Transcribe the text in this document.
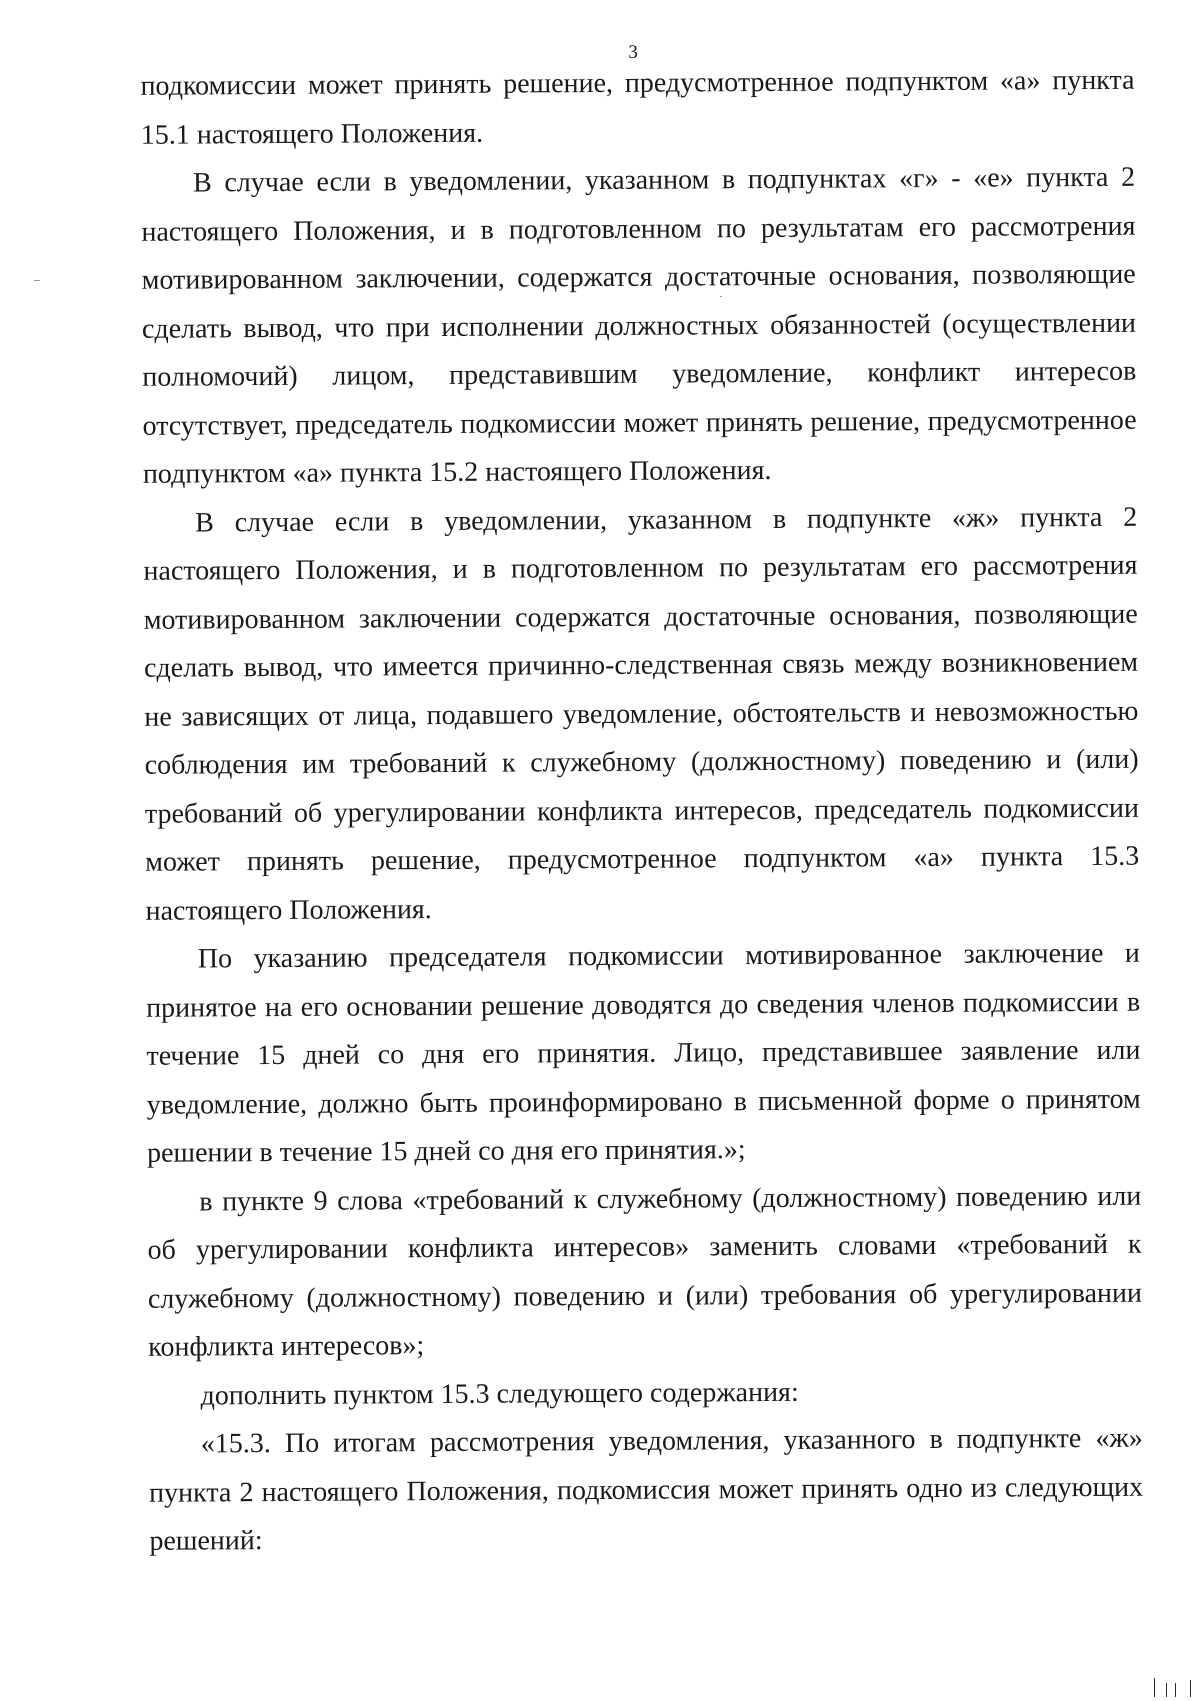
3

подкомиссии может принять решение, предусмотренное подпунктом «а» пункта 15.1 настоящего Положения.

В случае если в уведомлении, указанном в подпунктах «г» - «е» пункта 2 настоящего Положения, и в подготовленном по результатам его рассмотрения мотивированном заключении, содержатся достаточные основания, позволяющие сделать вывод, что при исполнении должностных обязанностей (осуществлении полномочий) лицом, представившим уведомление, конфликт интересов отсутствует, председатель подкомиссии может принять решение, предусмотренное подпунктом «а» пункта 15.2 настоящего Положения.

В случае если в уведомлении, указанном в подпункте «ж» пункта 2 настоящего Положения, и в подготовленном по результатам его рассмотрения мотивированном заключении содержатся достаточные основания, позволяющие сделать вывод, что имеется причинно-следственная связь между возникновением не зависящих от лица, подавшего уведомление, обстоятельств и невозможностью соблюдения им требований к служебному (должностному) поведению и (или) требований об урегулировании конфликта интересов, председатель подкомиссии может принять решение, предусмотренное подпунктом «а» пункта 15.3 настоящего Положения.

По указанию председателя подкомиссии мотивированное заключение и принятое на его основании решение доводятся до сведения членов подкомиссии в течение 15 дней со дня его принятия. Лицо, представившее заявление или уведомление, должно быть проинформировано в письменной форме о принятом решении в течение 15 дней со дня его принятия.»;

в пункте 9 слова «требований к служебному (должностному) поведению или об урегулировании конфликта интересов» заменить словами «требований к служебному (должностному) поведению и (или) требования об урегулировании конфликта интересов»;

дополнить пунктом 15.3 следующего содержания:

«15.3. По итогам рассмотрения уведомления, указанного в подпункте «ж» пункта 2 настоящего Положения, подкомиссия может принять одно из следующих решений:
